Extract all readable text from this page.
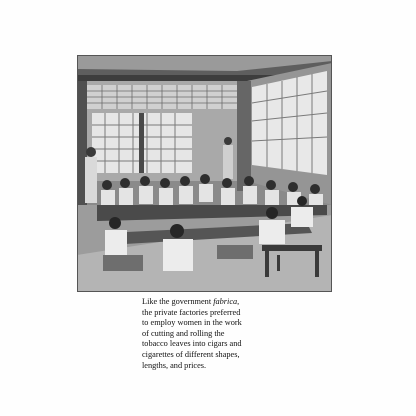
Like the government fabrica,
the private factories preferred
to employ women in the work
of cutting and rolling the
tobacco leaves into cigars and
cigarettes of different shapes,
lengths, and prices.
